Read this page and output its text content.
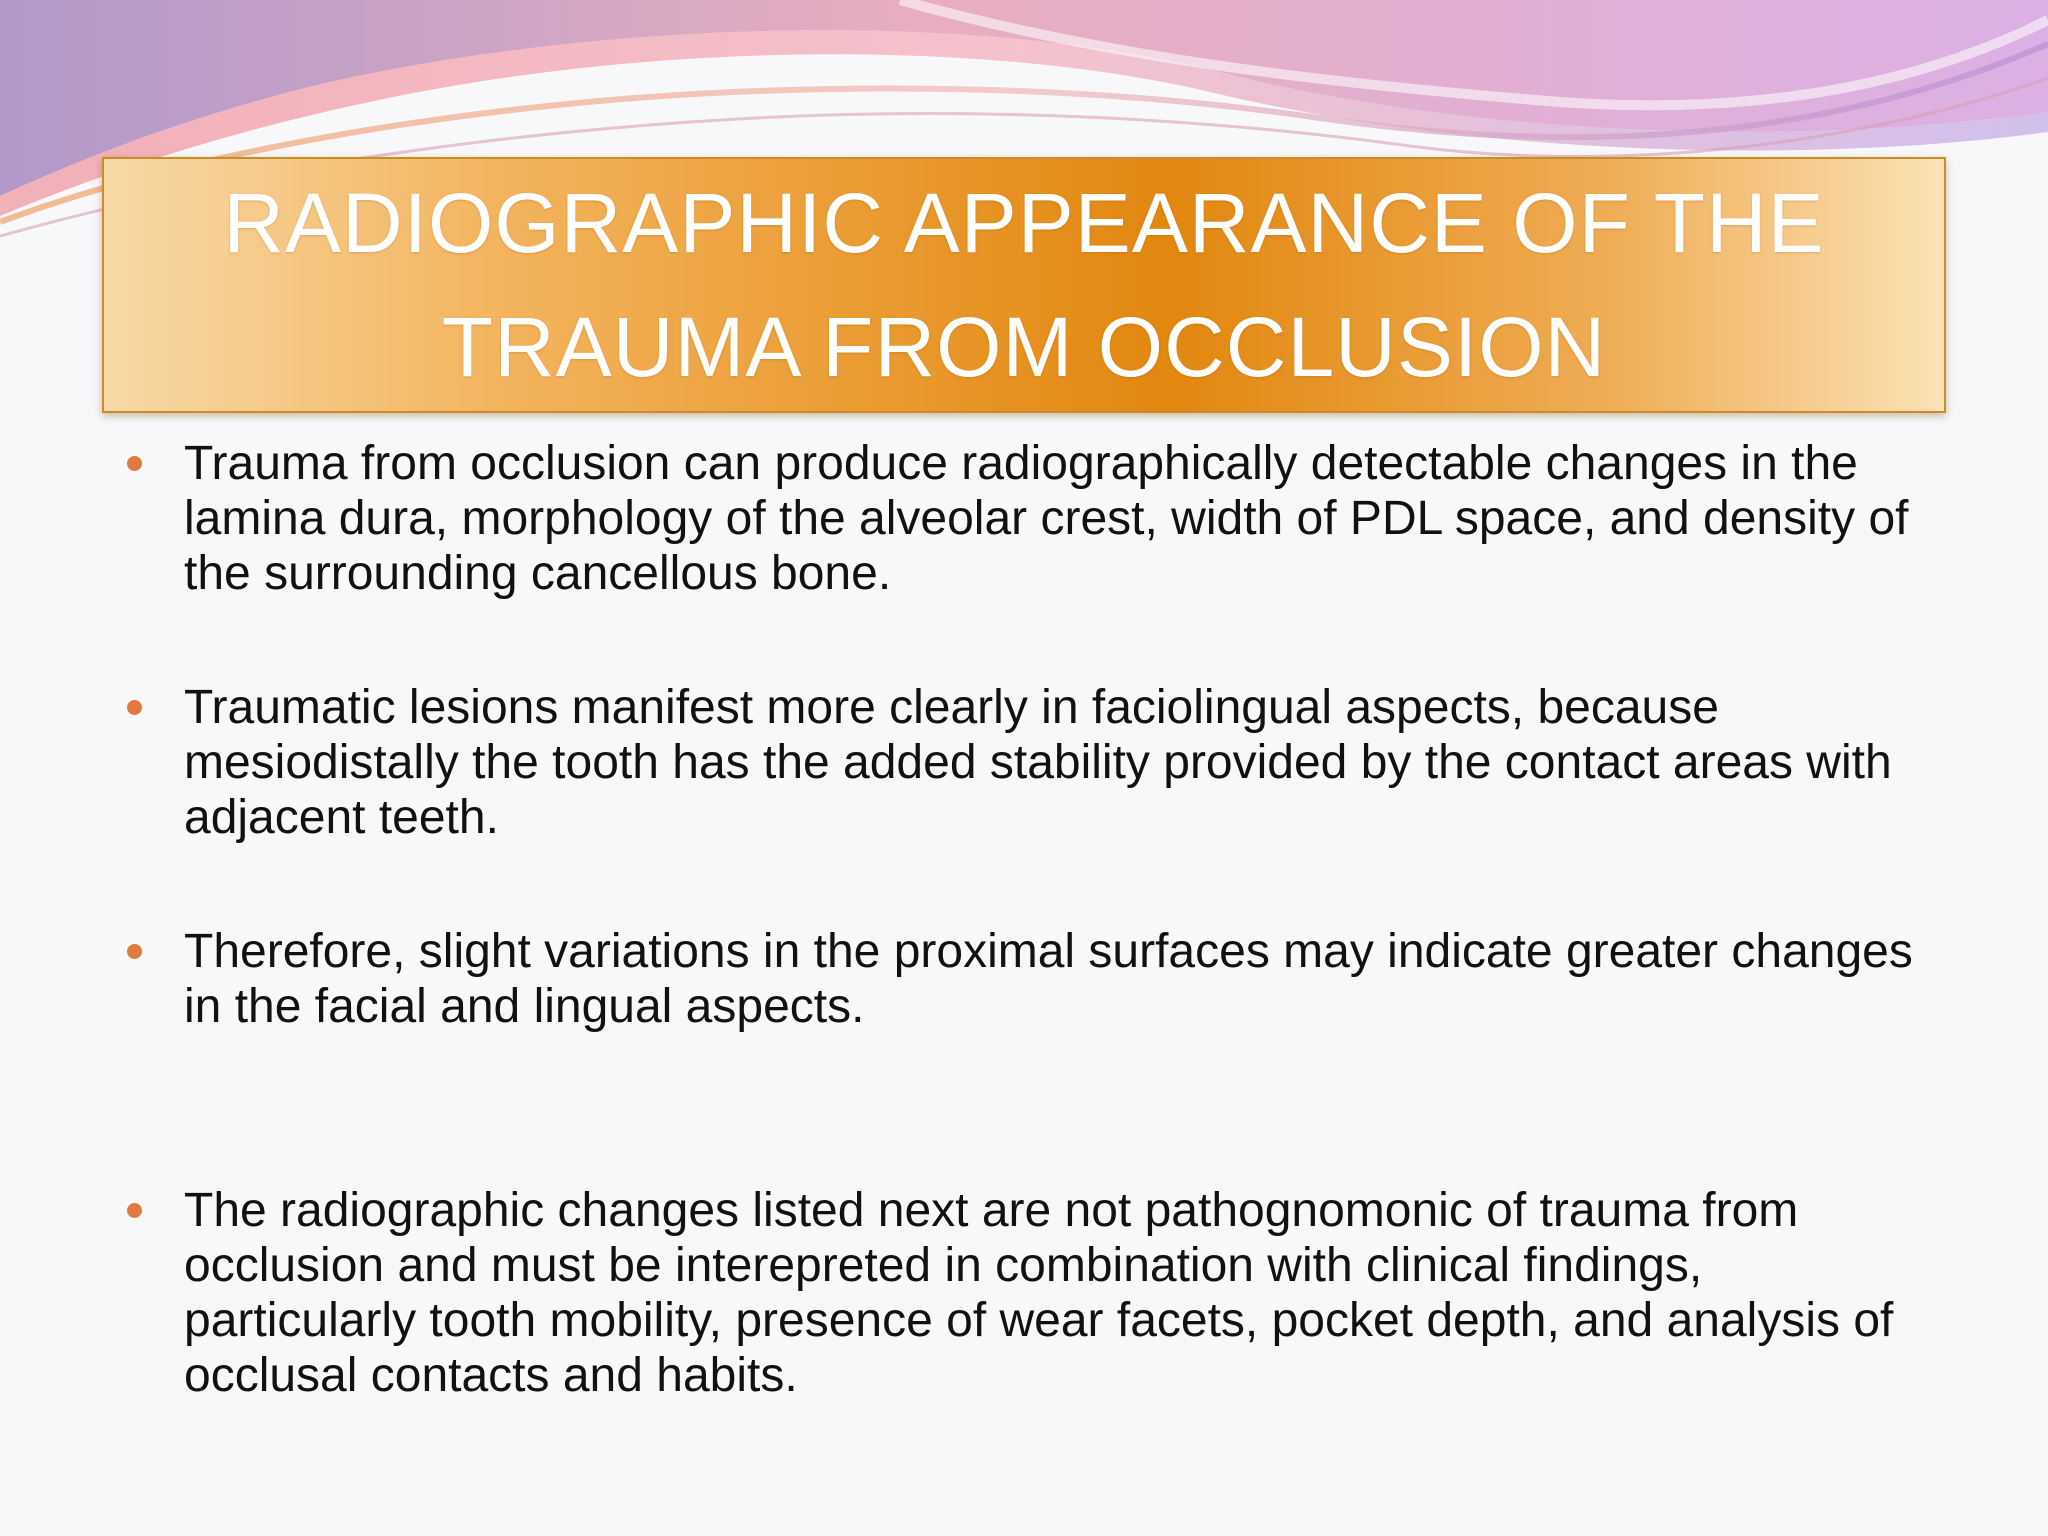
RADIOGRAPHIC APPEARANCE OF THE
TRAUMA FROM OCCLUSION
Trauma from occlusion can produce radiographically detectable changes in the lamina dura, morphology of the alveolar crest, width of PDL space, and density of the surrounding cancellous bone.
Traumatic lesions manifest more clearly in faciolingual aspects, because mesiodistally the tooth has the added stability provided by the contact areas with adjacent teeth.
Therefore, slight variations in the proximal surfaces may indicate greater changes in the facial and lingual aspects.
The radiographic changes listed next are not pathognomonic of trauma from occlusion and must be interepreted in combination with clinical findings, particularly tooth mobility, presence of wear facets, pocket depth, and analysis of occlusal contacts and habits.
